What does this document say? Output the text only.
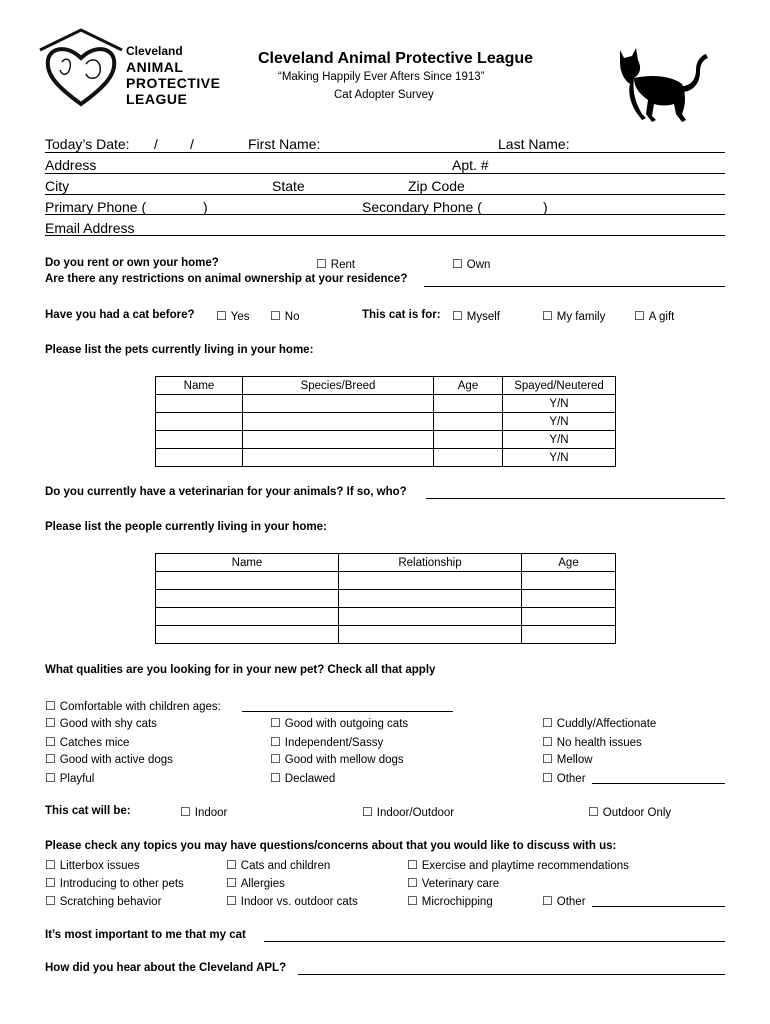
Cleveland
ANIMAL
PROTECTIVE
LEAGUE
Cleveland Animal Protective League
“Making Happily Ever Afters Since 1913”
Cat Adopter Survey
Today’s Date: / /	First Name:	Last Name:
Address	Apt. #
City	State	Zip Code
Primary Phone (	)	Secondary Phone (	)
Email Address
Do you rent or own your home?	☐ Rent	☐ Own
Are there any restrictions on animal ownership at your residence?
Have you had a cat before? ☐ Yes ☐ No	This cat is for: ☐ Myself	☐ My family ☐ A gift
Please list the pets currently living in your home:
Name	Species/Breed	Age	Spayed/Neutered
			Y/N
			Y/N
			Y/N
			Y/N
Do you currently have a veterinarian for your animals? If so, who?
Please list the people currently living in your home:
Name	Relationship	Age

What qualities are you looking for in your new pet? Check all that apply
☐ Comfortable with children ages:
☐ Good with shy cats
☐ Catches mice
☐ Good with active dogs
☐ Playful
☐ Good with outgoing cats
☐ Independent/Sassy
☐ Good with mellow dogs
☐ Declawed
☐ Cuddly/Affectionate
☐ No health issues
☐ Mellow
☐ Other
This cat will be:	☐ Indoor	☐ Indoor/Outdoor	☐ Outdoor Only
Please check any topics you may have questions/concerns about that you would like to discuss with us:
☐ Litterbox issues
☐ Introducing to other pets
☐ Scratching behavior
☐ Cats and children
☐ Allergies
☐ Indoor vs. outdoor cats
☐ Exercise and playtime recommendations
☐ Veterinary care
☐ Microchipping	☐ Other
It’s most important to me that my cat
How did you hear about the Cleveland APL?
